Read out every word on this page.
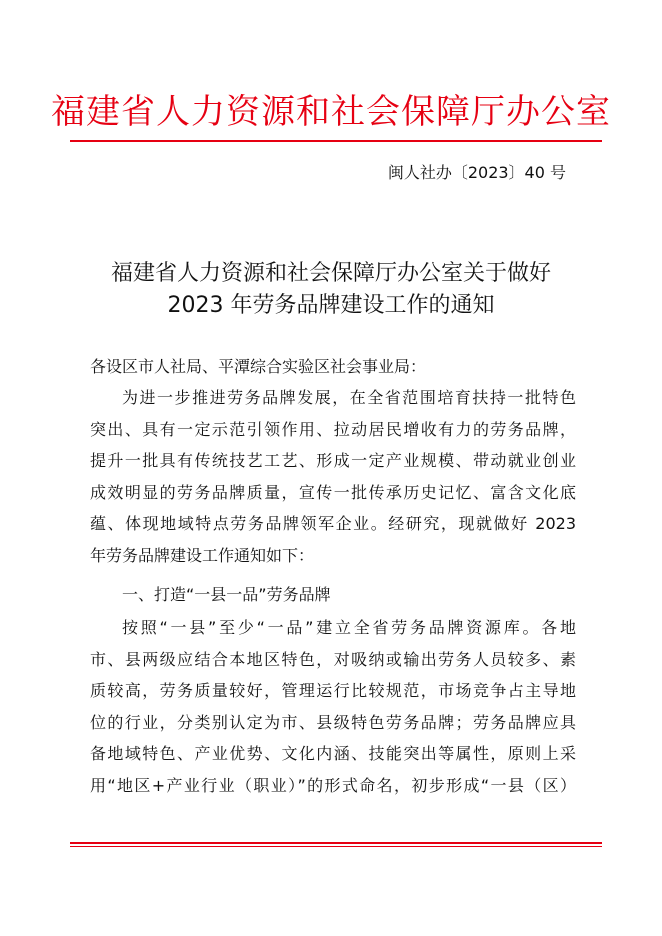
福建省人力资源和社会保障厅办公室
闽人社办〔2023〕40 号
福建省人力资源和社会保障厅办公室关于做好
2023 年劳务品牌建设工作的通知
各设区市人社局、平潭综合实验区社会事业局：
为进一步推进劳务品牌发展，在全省范围培育扶持一批特色
突出、具有一定示范引领作用、拉动居民增收有力的劳务品牌，
提升一批具有传统技艺工艺、形成一定产业规模、带动就业创业
成效明显的劳务品牌质量，宣传一批传承历史记忆、富含文化底
蕴、体现地域特点劳务品牌领军企业。经研究，现就做好 2023
年劳务品牌建设工作通知如下：
一、打造“一县一品”劳务品牌
按照“一县”至少“一品”建立全省劳务品牌资源库。各地
市、县两级应结合本地区特色，对吸纳或输出劳务人员较多、素
质较高，劳务质量较好，管理运行比较规范，市场竞争占主导地
位的行业，分类别认定为市、县级特色劳务品牌；劳务品牌应具
备地域特色、产业优势、文化内涵、技能突出等属性，原则上采
用“地区+产业行业（职业）”的形式命名，初步形成“一县（区）
